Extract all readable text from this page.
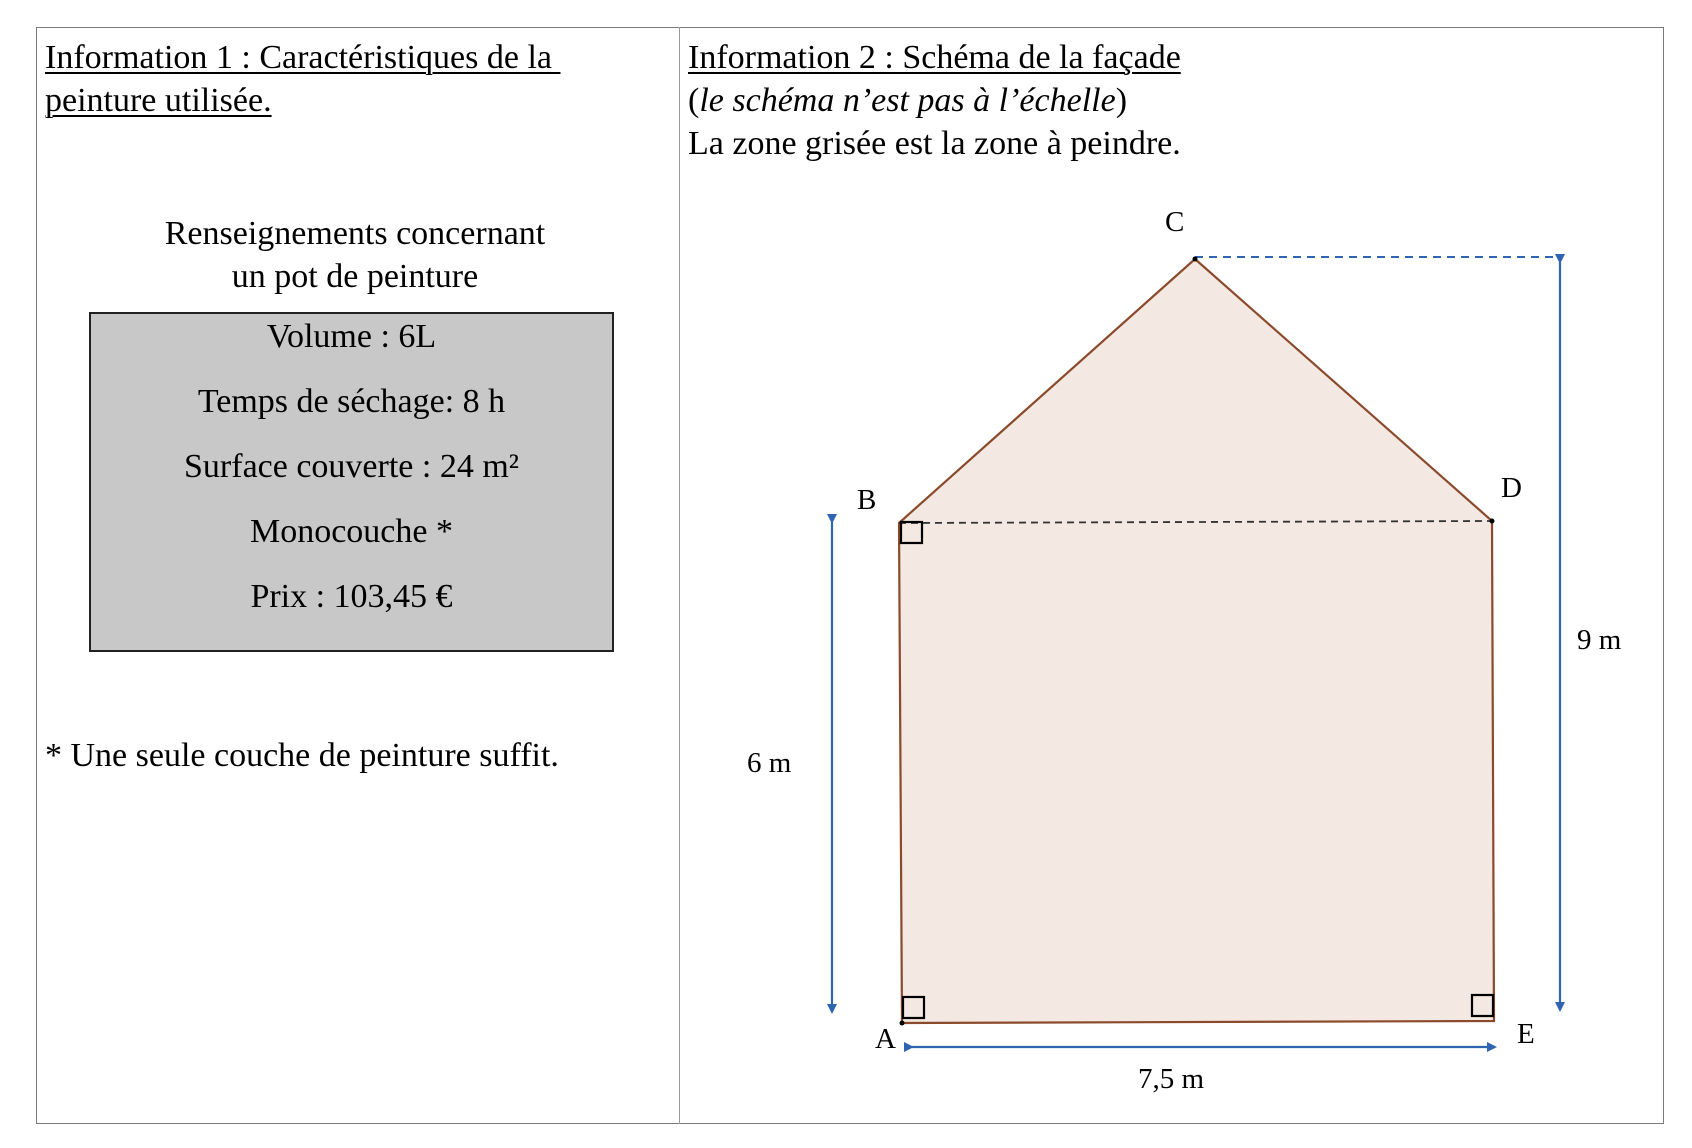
Information 1 : Caractéristiques de la
peinture utilisée.
Renseignements concernant
un pot de peinture
Volume : 6L
Temps de séchage: 8 h
Surface couverte : 24 m²
Monocouche *
Prix : 103,45 €
* Une seule couche de peinture suffit.
Information 2 : Schéma de la façade
(le schéma n’est pas à l’échelle)
La zone grisée est la zone à peindre.
C
B	D
A	E
6 m
9 m
7,5 m
